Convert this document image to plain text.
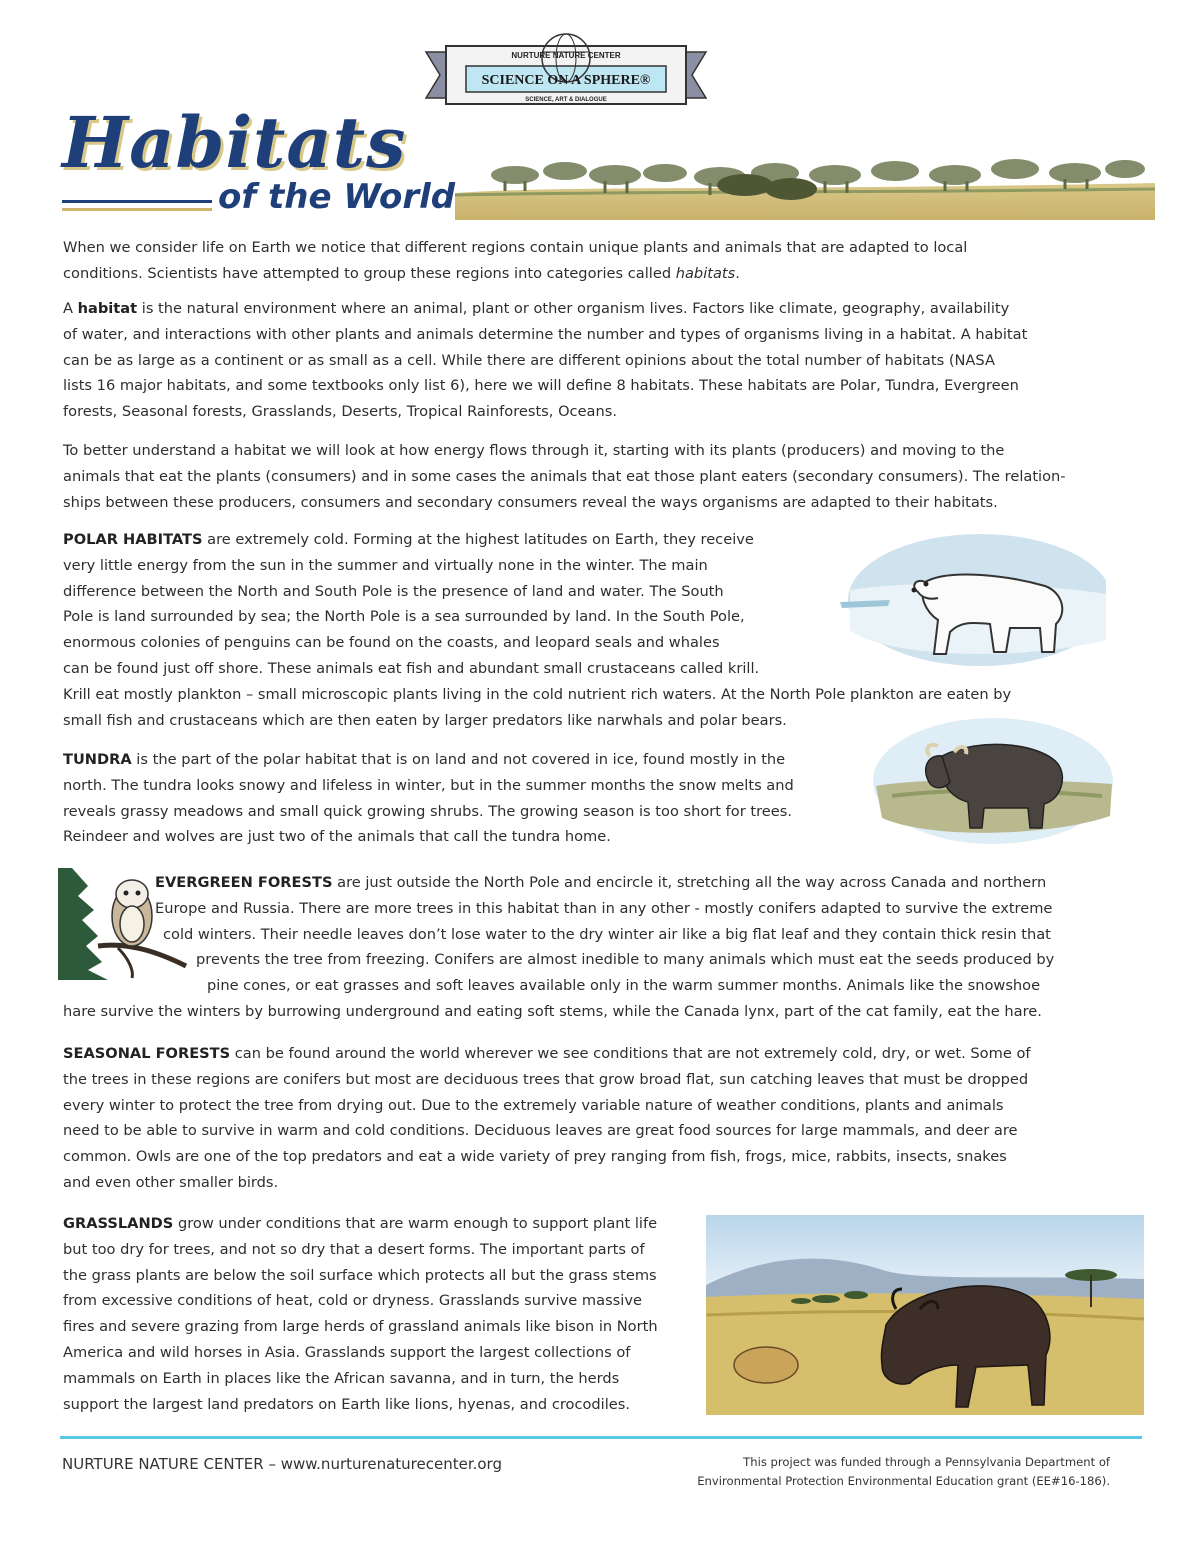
NURTURE NATURE CENTER
SCIENCE ON A SPHERE®
SCIENCE, ART & DIALOGUE
Habitats
of the World

When we consider life on Earth we notice that different regions contain unique plants and animals that are adapted to local
conditions. Scientists have attempted to group these regions into categories called habitats.

A habitat is the natural environment where an animal, plant or other organism lives. Factors like climate, geography, availability
of water, and interactions with other plants and animals determine the number and types of organisms living in a habitat. A habitat
can be as large as a continent or as small as a cell. While there are different opinions about the total number of habitats (NASA
lists 16 major habitats, and some textbooks only list 6), here we will define 8 habitats. These habitats are Polar, Tundra, Evergreen
forests, Seasonal forests, Grasslands, Deserts, Tropical Rainforests, Oceans.

To better understand a habitat we will look at how energy flows through it, starting with its plants (producers) and moving to the
animals that eat the plants (consumers) and in some cases the animals that eat those plant eaters (secondary consumers). The relation-
ships between these producers, consumers and secondary consumers reveal the ways organisms are adapted to their habitats.

POLAR HABITATS are extremely cold. Forming at the highest latitudes on Earth, they receive
very little energy from the sun in the summer and virtually none in the winter. The main
difference between the North and South Pole is the presence of land and water. The South
Pole is land surrounded by sea; the North Pole is a sea surrounded by land. In the South Pole,
enormous colonies of penguins can be found on the coasts, and leopard seals and whales
can be found just off shore. These animals eat fish and abundant small crustaceans called krill.
Krill eat mostly plankton – small microscopic plants living in the cold nutrient rich waters. At the North Pole plankton are eaten by
small fish and crustaceans which are then eaten by larger predators like narwhals and polar bears.

TUNDRA is the part of the polar habitat that is on land and not covered in ice, found mostly in the
north. The tundra looks snowy and lifeless in winter, but in the summer months the snow melts and
reveals grassy meadows and small quick growing shrubs. The growing season is too short for trees.
Reindeer and wolves are just two of the animals that call the tundra home.

EVERGREEN FORESTS are just outside the North Pole and encircle it, stretching all the way across Canada and northern
Europe and Russia. There are more trees in this habitat than in any other - mostly conifers adapted to survive the extreme
cold winters. Their needle leaves don’t lose water to the dry winter air like a big flat leaf and they contain thick resin that
prevents the tree from freezing. Conifers are almost inedible to many animals which must eat the seeds produced by
pine cones, or eat grasses and soft leaves available only in the warm summer months. Animals like the snowshoe
hare survive the winters by burrowing underground and eating soft stems, while the Canada lynx, part of the cat family, eat the hare.

SEASONAL FORESTS can be found around the world wherever we see conditions that are not extremely cold, dry, or wet. Some of
the trees in these regions are conifers but most are deciduous trees that grow broad flat, sun catching leaves that must be dropped
every winter to protect the tree from drying out. Due to the extremely variable nature of weather conditions, plants and animals
need to be able to survive in warm and cold conditions. Deciduous leaves are great food sources for large mammals, and deer are
common. Owls are one of the top predators and eat a wide variety of prey ranging from fish, frogs, mice, rabbits, insects, snakes
and even other smaller birds.

GRASSLANDS grow under conditions that are warm enough to support plant life
but too dry for trees, and not so dry that a desert forms. The important parts of
the grass plants are below the soil surface which protects all but the grass stems
from excessive conditions of heat, cold or dryness. Grasslands survive massive
fires and severe grazing from large herds of grassland animals like bison in North
America and wild horses in Asia. Grasslands support the largest collections of
mammals on Earth in places like the African savanna, and in turn, the herds
support the largest land predators on Earth like lions, hyenas, and crocodiles.

NURTURE NATURE CENTER – www.nurturenaturecenter.org	This project was funded through a Pennsylvania Department of
Environmental Protection Environmental Education grant (EE#16-186).
